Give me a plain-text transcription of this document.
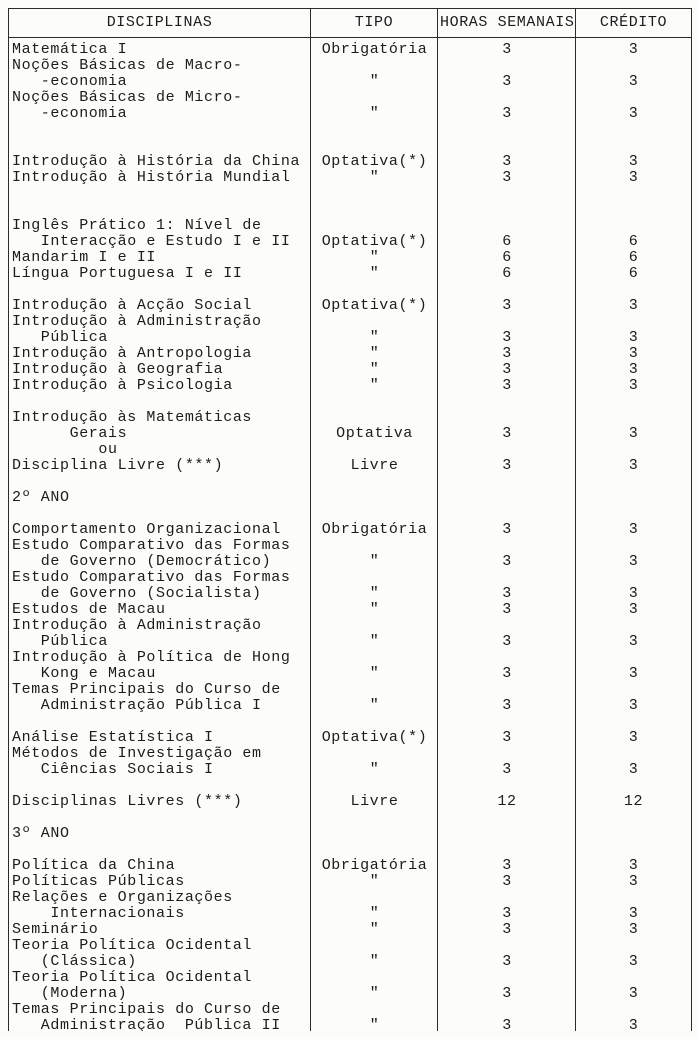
DISCIPLINAS	TIPO	HORAS SEMANAIS	CRÉDITO
Matemática I	Obrigatória	3	3
Noções Básicas de Macro-

-economia	"	3	3
Noções Básicas de Micro-

-economia	"	3	3

Introdução à História da China	Optativa(*)	3	3
Introdução à História Mundial	"	3	3

Inglês Prático 1: Nível de

Interacção e Estudo I e II	Optativa(*)	6	6
Mandarim I e II	"	6	6
Língua Portuguesa I e II	"	6	6

Introdução à Acção Social	Optativa(*)	3	3
Introdução à Administração

Pública	"	3	3
Introdução à Antropologia	"	3	3
Introdução à Geografia	"	3	3
Introdução à Psicologia	"	3	3

Introdução às Matemáticas

Gerais	Optativa	3	3
ou

Disciplina Livre (***)	Livre	3	3

2º ANO

Comportamento Organizacional	Obrigatória	3	3
Estudo Comparativo das Formas

de Governo (Democrático)	"	3	3
Estudo Comparativo das Formas

de Governo (Socialista)	"	3	3
Estudos de Macau	"	3	3
Introdução à Administração

Pública	"	3	3
Introdução à Política de Hong

Kong e Macau	"	3	3
Temas Principais do Curso de

Administração Pública I	"	3	3

Análise Estatística I	Optativa(*)	3	3
Métodos de Investigação em

Ciências Sociais I	"	3	3

Disciplinas Livres (***)	Livre	12	12

3º ANO

Política da China	Obrigatória	3	3
Políticas Públicas	"	3	3
Relações e Organizações

Internacionais	"	3	3
Seminário	"	3	3
Teoria Política Ocidental

(Clássica)	"	3	3
Teoria Política Ocidental

(Moderna)	"	3	3
Temas Principais do Curso de

Administração  Pública II	"	3	3
